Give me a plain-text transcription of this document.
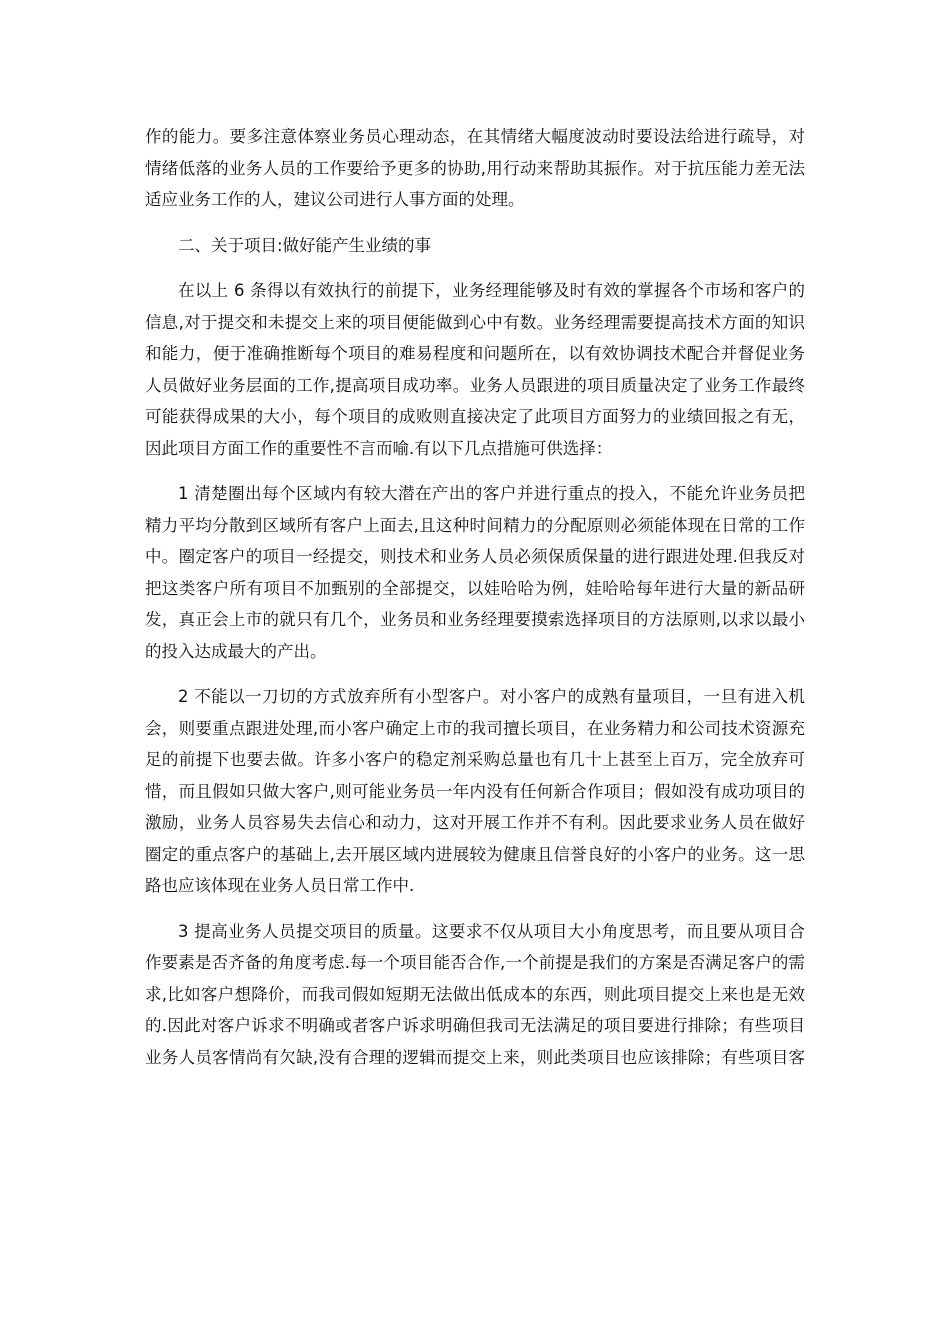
作的能力。要多注意体察业务员心理动态，在其情绪大幅度波动时要设法给进行疏导，对
情绪低落的业务人员的工作要给予更多的协助,用行动来帮助其振作。对于抗压能力差无法
适应业务工作的人，建议公司进行人事方面的处理。
二、关于项目:做好能产生业绩的事
在以上 6 条得以有效执行的前提下，业务经理能够及时有效的掌握各个市场和客户的
信息,对于提交和未提交上来的项目便能做到心中有数。业务经理需要提高技术方面的知识
和能力，便于准确推断每个项目的难易程度和问题所在，以有效协调技术配合并督促业务
人员做好业务层面的工作,提高项目成功率。业务人员跟进的项目质量决定了业务工作最终
可能获得成果的大小，每个项目的成败则直接决定了此项目方面努力的业绩回报之有无，
因此项目方面工作的重要性不言而喻.有以下几点措施可供选择：
1 清楚圈出每个区域内有较大潜在产出的客户并进行重点的投入，不能允许业务员把
精力平均分散到区域所有客户上面去,且这种时间精力的分配原则必须能体现在日常的工作
中。圈定客户的项目一经提交，则技术和业务人员必须保质保量的进行跟进处理.但我反对
把这类客户所有项目不加甄别的全部提交，以娃哈哈为例，娃哈哈每年进行大量的新品研
发，真正会上市的就只有几个，业务员和业务经理要摸索选择项目的方法原则,以求以最小
的投入达成最大的产出。
2 不能以一刀切的方式放弃所有小型客户。对小客户的成熟有量项目，一旦有进入机
会，则要重点跟进处理,而小客户确定上市的我司擅长项目，在业务精力和公司技术资源充
足的前提下也要去做。许多小客户的稳定剂采购总量也有几十上甚至上百万，完全放弃可
惜，而且假如只做大客户,则可能业务员一年内没有任何新合作项目；假如没有成功项目的
激励，业务人员容易失去信心和动力，这对开展工作并不有利。因此要求业务人员在做好
圈定的重点客户的基础上,去开展区域内进展较为健康且信誉良好的小客户的业务。这一思
路也应该体现在业务人员日常工作中.
3 提高业务人员提交项目的质量。这要求不仅从项目大小角度思考，而且要从项目合
作要素是否齐备的角度考虑.每一个项目能否合作,一个前提是我们的方案是否满足客户的需
求,比如客户想降价，而我司假如短期无法做出低成本的东西，则此项目提交上来也是无效
的.因此对客户诉求不明确或者客户诉求明确但我司无法满足的项目要进行排除；有些项目
业务人员客情尚有欠缺,没有合理的逻辑而提交上来，则此类项目也应该排除；有些项目客
